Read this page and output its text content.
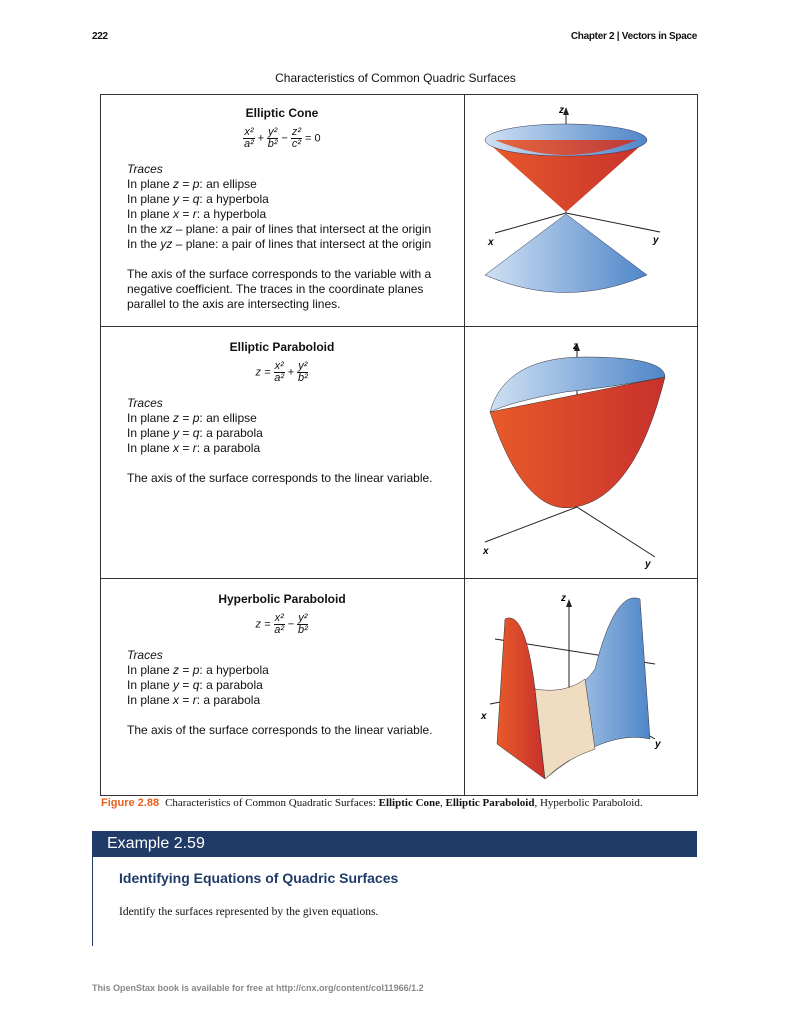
222	Chapter 2 | Vectors in Space
Characteristics of Common Quadric Surfaces
Elliptic Cone
$\frac{\text{x²}}{\text{a²}} + \frac{\text{y²}}{\text{b²}} - \frac{\text{z²}}{\text{c²}} = 0$
Traces
In plane z = p: an ellipse
In plane y = q: a hyperbola
In plane x = r: a hyperbola
In the xz – plane: a pair of lines that intersect at the origin
In the yz – plane: a pair of lines that intersect at the origin
The axis of the surface corresponds to the variable with a negative coefficient. The traces in the coordinate planes parallel to the axis are intersecting lines.
Elliptic Paraboloid
$z = \frac{\text{x²}}{\text{a²}} + \frac{\text{y²}}{\text{b²}}$
Traces
In plane z = p: an ellipse
In plane y = q: a parabola
In plane x = r: a parabola
The axis of the surface corresponds to the linear variable.
Hyperbolic Paraboloid
$z = \frac{\text{x²}}{\text{a²}} - \frac{\text{y²}}{\text{b²}}$
Traces
In plane z = p: a hyperbola
In plane y = q: a parabola
In plane x = r: a parabola
The axis of the surface corresponds to the linear variable.
z
x	y
z
x
y
z
x
y
Figure 2.88 Characteristics of Common Quadratic Surfaces: Elliptic Cone, Elliptic Paraboloid, Hyperbolic Paraboloid.
Example 2.59
Identifying Equations of Quadric Surfaces
Identify the surfaces represented by the given equations.
This OpenStax book is available for free at http://cnx.org/content/col11966/1.2
